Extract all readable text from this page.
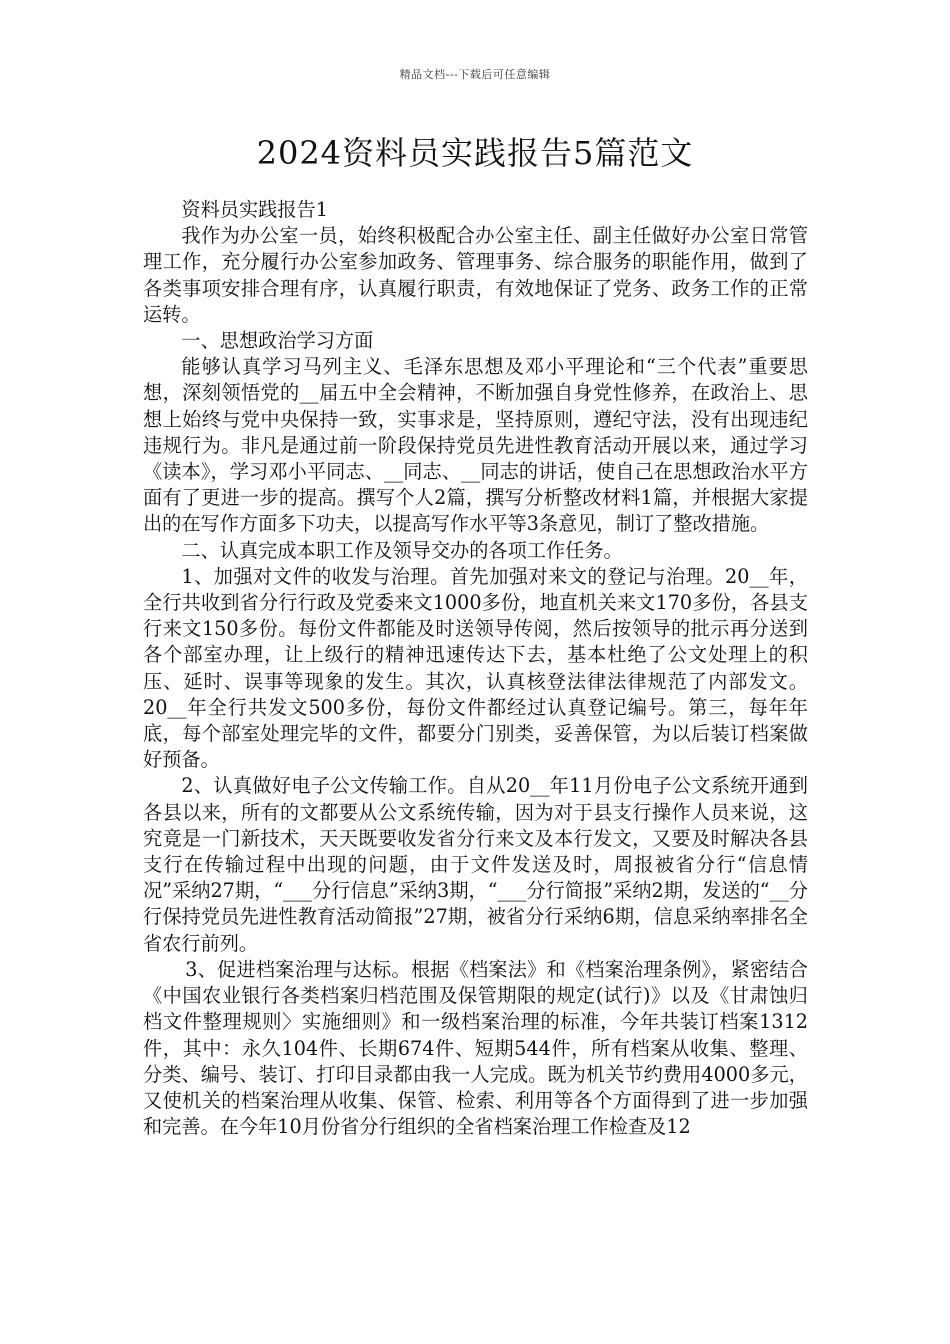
精品文档---下载后可任意编辑
2024资料员实践报告5篇范文

资料员实践报告1

我作为办公室一员，始终积极配合办公室主任、副主任做好办公室日常管理工作，充分履行办公室参加政务、管理事务、综合服务的职能作用，做到了各类事项安排合理有序，认真履行职责，有效地保证了党务、政务工作的正常运转。

一、思想政治学习方面

能够认真学习马列主义、毛泽东思想及邓小平理论和“三个代表”重要思想，深刻领悟党的__届五中全会精神，不断加强自身党性修养，在政治上、思想上始终与党中央保持一致，实事求是，坚持原则，遵纪守法，没有出现违纪违规行为。非凡是通过前一阶段保持党员先进性教育活动开展以来，通过学习《读本》，学习邓小平同志、__同志、__同志的讲话，使自己在思想政治水平方面有了更进一步的提高。撰写个人2篇，撰写分析整改材料1篇，并根据大家提出的在写作方面多下功夫，以提高写作水平等3条意见，制订了整改措施。

二、认真完成本职工作及领导交办的各项工作任务。

1、加强对文件的收发与治理。首先加强对来文的登记与治理。20__年，全行共收到省分行行政及党委来文1000多份，地直机关来文170多份，各县支行来文150多份。每份文件都能及时送领导传阅，然后按领导的批示再分送到各个部室办理，让上级行的精神迅速传达下去，基本杜绝了公文处理上的积压、延时、误事等现象的发生。其次，认真核登法律法律规范了内部发文。20__年全行共发文500多份，每份文件都经过认真登记编号。第三，每年年底，每个部室处理完毕的文件，都要分门别类，妥善保管，为以后装订档案做好预备。

2、认真做好电子公文传输工作。自从20__年11月份电子公文系统开通到各县以来，所有的文都要从公文系统传输，因为对于县支行操作人员来说，这究竟是一门新技术，天天既要收发省分行来文及本行发文，又要及时解决各县支行在传输过程中出现的问题，由于文件发送及时，周报被省分行“信息情况”采纳27期，“___分行信息”采纳3期，“___分行简报”采纳2期，发送的“__分行保持党员先进性教育活动简报”27期，被省分行采纳6期，信息采纳率排名全省农行前列。

3、促进档案治理与达标。根据《档案法》和《档案治理条例》，紧密结合《中国农业银行各类档案归档范围及保管期限的规定(试行)》以及《甘肃蚀归档文件整理规则〉实施细则》和一级档案治理的标准，今年共装订档案1312件，其中：永久104件、长期674件、短期544件，所有档案从收集、整理、分类、编号、装订、打印目录都由我一人完成。既为机关节约费用4000多元，又使机关的档案治理从收集、保管、检索、利用等各个方面得到了进一步加强和完善。在今年10月份省分行组织的全省档案治理工作检查及12
